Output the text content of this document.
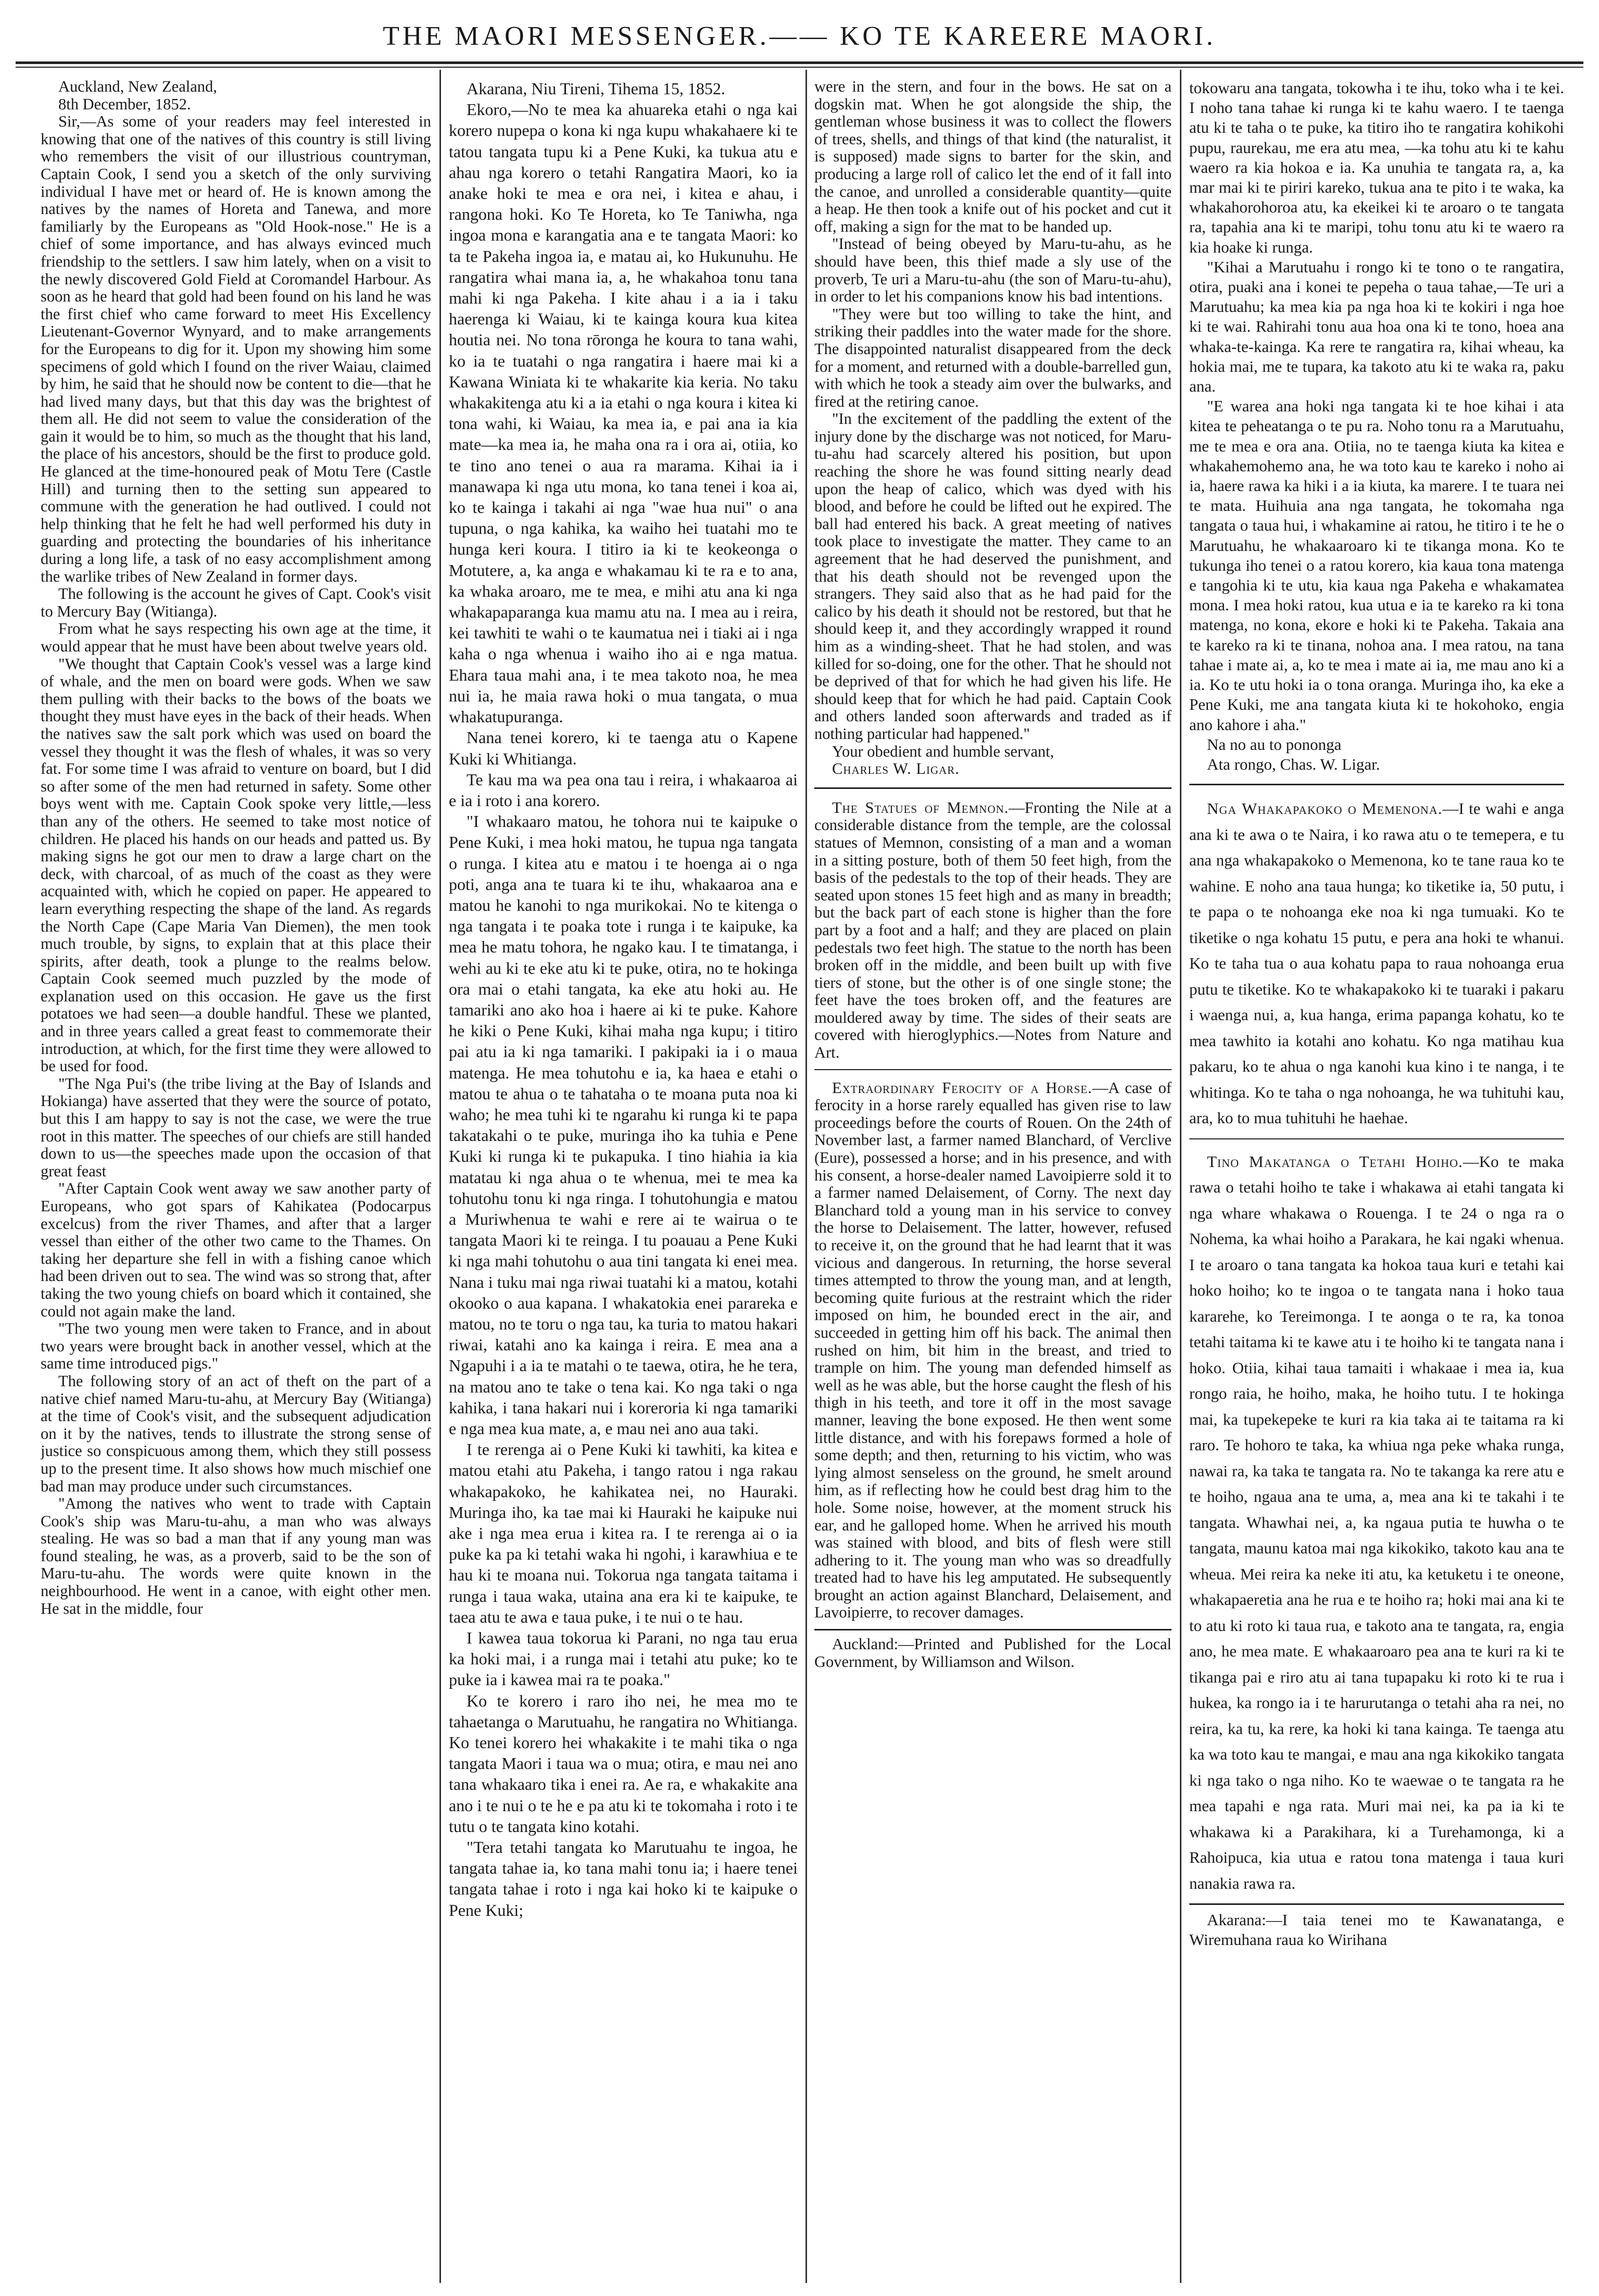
THE MAORI MESSENGER.—— KO TE KAREERE MAORI.

Auckland, New Zealand,

8th December, 1852.

Sir,—As some of your readers may feel interested in knowing that one of the natives of this country is still living who remembers the visit of our illustrious countryman, Captain Cook, I send you a sketch of the only surviving individual I have met or heard of. He is known among the natives by the names of Horeta and Tanewa, and more familiarly by the Europeans as "Old Hook-nose." He is a chief of some importance, and has always evinced much friendship to the settlers. I saw him lately, when on a visit to the newly discovered Gold Field at Coromandel Harbour. As soon as he heard that gold had been found on his land he was the first chief who came forward to meet His Excellency Lieutenant-Governor Wynyard, and to make arrangements for the Europeans to dig for it. Upon my showing him some specimens of gold which I found on the river Waiau, claimed by him, he said that he should now be content to die—that he had lived many days, but that this day was the brightest of them all. He did not seem to value the consideration of the gain it would be to him, so much as the thought that his land, the place of his ancestors, should be the first to produce gold. He glanced at the time-honoured peak of Motu Tere (Castle Hill) and turning then to the setting sun appeared to commune with the generation he had outlived. I could not help thinking that he felt he had well performed his duty in guarding and protecting the boundaries of his inheritance during a long life, a task of no easy accomplishment among the warlike tribes of New Zealand in former days.

The following is the account he gives of Capt. Cook's visit to Mercury Bay (Witianga).

From what he says respecting his own age at the time, it would appear that he must have been about twelve years old.

"We thought that Captain Cook's vessel was a large kind of whale, and the men on board were gods. When we saw them pulling with their backs to the bows of the boats we thought they must have eyes in the back of their heads. When the natives saw the salt pork which was used on board the vessel they thought it was the flesh of whales, it was so very fat. For some time I was afraid to venture on board, but I did so after some of the men had returned in safety. Some other boys went with me. Captain Cook spoke very little,—less than any of the others. He seemed to take most notice of children. He placed his hands on our heads and patted us. By making signs he got our men to draw a large chart on the deck, with charcoal, of as much of the coast as they were acquainted with, which he copied on paper. He appeared to learn everything respecting the shape of the land. As regards the North Cape (Cape Maria Van Diemen), the men took much trouble, by signs, to explain that at this place their spirits, after death, took a plunge to the realms below. Captain Cook seemed much puzzled by the mode of explanation used on this occasion. He gave us the first potatoes we had seen—a double handful. These we planted, and in three years called a great feast to commemorate their introduction, at which, for the first time they were allowed to be used for food.

"The Nga Pui's (the tribe living at the Bay of Islands and Hokianga) have asserted that they were the source of potato, but this I am happy to say is not the case, we were the true root in this matter. The speeches of our chiefs are still handed down to us—the speeches made upon the occasion of that great feast

"After Captain Cook went away we saw another party of Europeans, who got spars of Kahikatea (Podocarpus excelcus) from the river Thames, and after that a larger vessel than either of the other two came to the Thames. On taking her departure she fell in with a fishing canoe which had been driven out to sea. The wind was so strong that, after taking the two young chiefs on board which it contained, she could not again make the land.

"The two young men were taken to France, and in about two years were brought back in another vessel, which at the same time introduced pigs."

The following story of an act of theft on the part of a native chief named Maru-tu-ahu, at Mercury Bay (Witianga) at the time of Cook's visit, and the subsequent adjudication on it by the natives, tends to illustrate the strong sense of justice so conspicuous among them, which they still possess up to the present time. It also shows how much mischief one bad man may produce under such circumstances.

"Among the natives who went to trade with Captain Cook's ship was Maru-tu-ahu, a man who was always stealing. He was so bad a man that if any young man was found stealing, he was, as a proverb, said to be the son of Maru-tu-ahu. The words were quite known in the neighbourhood. He went in a canoe, with eight other men. He sat in the middle, four

Akarana, Niu Tireni, Tihema 15, 1852.

Ekoro,—No te mea ka ahuareka etahi o nga kai korero nupepa o kona ki nga kupu whakahaere ki te tatou tangata tupu ki a Pene Kuki, ka tukua atu e ahau nga korero o tetahi Rangatira Maori, ko ia anake hoki te mea e ora nei, i kitea e ahau, i rangona hoki. Ko Te Horeta, ko Te Taniwha, nga ingoa mona e karangatia ana e te tangata Maori: ko ta te Pakeha ingoa ia, e matau ai, ko Hukunuhu. He rangatira whai mana ia, a, he whakahoa tonu tana mahi ki nga Pakeha. I kite ahau i a ia i taku haerenga ki Waiau, ki te kainga koura kua kitea houtia nei. No tona rōronga he koura to tana wahi, ko ia te tuatahi o nga rangatira i haere mai ki a Kawana Winiata ki te whakarite kia keria. No taku whakakitenga atu ki a ia etahi o nga koura i kitea ki tona wahi, ki Waiau, ka mea ia, e pai ana ia kia mate—ka mea ia, he maha ona ra i ora ai, otiia, ko te tino ano tenei o aua ra marama. Kihai ia i manawapa ki nga utu mona, ko tana tenei i koa ai, ko te kainga i takahi ai nga "wae hua nui" o ana tupuna, o nga kahika, ka waiho hei tuatahi mo te hunga keri koura. I titiro ia ki te keokeonga o Motutere, a, ka anga e whakamau ki te ra e to ana, ka whaka aroaro, me te mea, e mihi atu ana ki nga whakapaparanga kua mamu atu na. I mea au i reira, kei tawhiti te wahi o te kaumatua nei i tiaki ai i nga kaha o nga whenua i waiho iho ai e nga matua. Ehara taua mahi ana, i te mea takoto noa, he mea nui ia, he maia rawa hoki o mua tangata, o mua whakatupuranga.

Nana tenei korero, ki te taenga atu o Kapene Kuki ki Whitianga.

Te kau ma wa pea ona tau i reira, i whakaaroa ai e ia i roto i ana korero.

"I whakaaro matou, he tohora nui te kaipuke o Pene Kuki, i mea hoki matou, he tupua nga tangata o runga. I kitea atu e matou i te hoenga ai o nga poti, anga ana te tuara ki te ihu, whakaaroa ana e matou he kanohi to nga murikokai. No te kitenga o nga tangata i te poaka tote i runga i te kaipuke, ka mea he matu tohora, he ngako kau. I te timatanga, i wehi au ki te eke atu ki te puke, otira, no te hokinga ora mai o etahi tangata, ka eke atu hoki au. He tamariki ano ako hoa i haere ai ki te puke. Kahore he kiki o Pene Kuki, kihai maha nga kupu; i titiro pai atu ia ki nga tamariki. I pakipaki ia i o maua matenga. He mea tohutohu e ia, ka haea e etahi o matou te ahua o te tahataha o te moana puta noa ki waho; he mea tuhi ki te ngarahu ki runga ki te papa takatakahi o te puke, muringa iho ka tuhia e Pene Kuki ki runga ki te pukapuka. I tino hiahia ia kia matatau ki nga ahua o te whenua, mei te mea ka tohutohu tonu ki nga ringa. I tohutohungia e matou a Muriwhenua te wahi e rere ai te wairua o te tangata Maori ki te reinga. I tu poauau a Pene Kuki ki nga mahi tohutohu o aua tini tangata ki enei mea. Nana i tuku mai nga riwai tuatahi ki a matou, kotahi okooko o aua kapana. I whakatokia enei parareka e matou, no te toru o nga tau, ka turia to matou hakari riwai, katahi ano ka kainga i reira. E mea ana a Ngapuhi i a ia te matahi o te taewa, otira, he he tera, na matou ano te take o tena kai. Ko nga taki o nga kahika, i tana hakari nui i koreroria ki nga tamariki e nga mea kua mate, a, e mau nei ano aua taki.

I te rerenga ai o Pene Kuki ki tawhiti, ka kitea e matou etahi atu Pakeha, i tango ratou i nga rakau whakapakoko, he kahikatea nei, no Hauraki. Muringa iho, ka tae mai ki Hauraki he kaipuke nui ake i nga mea erua i kitea ra. I te rerenga ai o ia puke ka pa ki tetahi waka hi ngohi, i karawhiua e te hau ki te moana nui. Tokorua nga tangata taitama i runga i taua waka, utaina ana era ki te kaipuke, te taea atu te awa e taua puke, i te nui o te hau.

I kawea taua tokorua ki Parani, no nga tau erua ka hoki mai, i a runga mai i tetahi atu puke; ko te puke ia i kawea mai ra te poaka."

Ko te korero i raro iho nei, he mea mo te tahaetanga o Marutuahu, he rangatira no Whitianga. Ko tenei korero hei whakakite i te mahi tika o nga tangata Maori i taua wa o mua; otira, e mau nei ano tana whakaaro tika i enei ra. Ae ra, e whakakite ana ano i te nui o te he e pa atu ki te tokomaha i roto i te tutu o te tangata kino kotahi.

"Tera tetahi tangata ko Marutuahu te ingoa, he tangata tahae ia, ko tana mahi tonu ia; i haere tenei tangata tahae i roto i nga kai hoko ki te kaipuke o Pene Kuki;

were in the stern, and four in the bows. He sat on a dogskin mat. When he got alongside the ship, the gentleman whose business it was to collect the flowers of trees, shells, and things of that kind (the naturalist, it is supposed) made signs to barter for the skin, and producing a large roll of calico let the end of it fall into the canoe, and unrolled a considerable quantity—quite a heap. He then took a knife out of his pocket and cut it off, making a sign for the mat to be handed up.

"Instead of being obeyed by Maru-tu-ahu, as he should have been, this thief made a sly use of the proverb, Te uri a Maru-tu-ahu (the son of Maru-tu-ahu), in order to let his companions know his bad intentions.

"They were but too willing to take the hint, and striking their paddles into the water made for the shore. The disappointed naturalist disappeared from the deck for a moment, and returned with a double-barrelled gun, with which he took a steady aim over the bulwarks, and fired at the retiring canoe.

"In the excitement of the paddling the extent of the injury done by the discharge was not noticed, for Maru-tu-ahu had scarcely altered his position, but upon reaching the shore he was found sitting nearly dead upon the heap of calico, which was dyed with his blood, and before he could be lifted out he expired. The ball had entered his back. A great meeting of natives took place to investigate the matter. They came to an agreement that he had deserved the punishment, and that his death should not be revenged upon the strangers. They said also that as he had paid for the calico by his death it should not be restored, but that he should keep it, and they accordingly wrapped it round him as a winding-sheet. That he had stolen, and was killed for so-doing, one for the other. That he should not be deprived of that for which he had given his life. He should keep that for which he had paid. Captain Cook and others landed soon afterwards and traded as if nothing particular had happened."

Your obedient and humble servant,

Charles W. Ligar.

The Statues of Memnon.—Fronting the Nile at a considerable distance from the temple, are the colossal statues of Memnon, consisting of a man and a woman in a sitting posture, both of them 50 feet high, from the basis of the pedestals to the top of their heads. They are seated upon stones 15 feet high and as many in breadth; but the back part of each stone is higher than the fore part by a foot and a half; and they are placed on plain pedestals two feet high. The statue to the north has been broken off in the middle, and been built up with five tiers of stone, but the other is of one single stone; the feet have the toes broken off, and the features are mouldered away by time. The sides of their seats are covered with hieroglyphics.—Notes from Nature and Art.

Extraordinary Ferocity of a Horse.—A case of ferocity in a horse rarely equalled has given rise to law proceedings before the courts of Rouen. On the 24th of November last, a farmer named Blanchard, of Verclive (Eure), possessed a horse; and in his presence, and with his consent, a horse-dealer named Lavoipierre sold it to a farmer named Delaisement, of Corny. The next day Blanchard told a young man in his service to convey the horse to Delaisement. The latter, however, refused to receive it, on the ground that he had learnt that it was vicious and dangerous. In returning, the horse several times attempted to throw the young man, and at length, becoming quite furious at the restraint which the rider imposed on him, he bounded erect in the air, and succeeded in getting him off his back. The animal then rushed on him, bit him in the breast, and tried to trample on him. The young man defended himself as well as he was able, but the horse caught the flesh of his thigh in his teeth, and tore it off in the most savage manner, leaving the bone exposed. He then went some little distance, and with his forepaws formed a hole of some depth; and then, returning to his victim, who was lying almost senseless on the ground, he smelt around him, as if reflecting how he could best drag him to the hole. Some noise, however, at the moment struck his ear, and he galloped home. When he arrived his mouth was stained with blood, and bits of flesh were still adhering to it. The young man who was so dreadfully treated had to have his leg amputated. He subsequently brought an action against Blanchard, Delaisement, and Lavoipierre, to recover damages.

Auckland:—Printed and Published for the Local Government, by Williamson and Wilson.

tokowaru ana tangata, tokowha i te ihu, toko wha i te kei. I noho tana tahae ki runga ki te kahu waero. I te taenga atu ki te taha o te puke, ka titiro iho te rangatira kohikohi pupu, raurekau, me era atu mea, —ka tohu atu ki te kahu waero ra kia hokoa e ia. Ka unuhia te tangata ra, a, ka mar mai ki te piriri kareko, tukua ana te pito i te waka, ka whakahorohoroa atu, ka ekeikei ki te aroaro o te tangata ra, tapahia ana ki te maripi, tohu tonu atu ki te waero ra kia hoake ki runga.

"Kihai a Marutuahu i rongo ki te tono o te rangatira, otira, puaki ana i konei te pepeha o taua tahae,—Te uri a Marutuahu; ka mea kia pa nga hoa ki te kokiri i nga hoe ki te wai. Rahirahi tonu aua hoa ona ki te tono, hoea ana whaka-te-kainga. Ka rere te rangatira ra, kihai wheau, ka hokia mai, me te tupara, ka takoto atu ki te waka ra, paku ana.

"E warea ana hoki nga tangata ki te hoe kihai i ata kitea te peheatanga o te pu ra. Noho tonu ra a Marutuahu, me te mea e ora ana. Otiia, no te taenga kiuta ka kitea e whakahemohemo ana, he wa toto kau te kareko i noho ai ia, haere rawa ka hiki i a ia kiuta, ka marere. I te tuara nei te mata. Huihuia ana nga tangata, he tokomaha nga tangata o taua hui, i whakamine ai ratou, he titiro i te he o Marutuahu, he whakaaroaro ki te tikanga mona. Ko te tukunga iho tenei o a ratou korero, kia kaua tona matenga e tangohia ki te utu, kia kaua nga Pakeha e whakamatea mona. I mea hoki ratou, kua utua e ia te kareko ra ki tona matenga, no kona, ekore e hoki ki te Pakeha. Takaia ana te kareko ra ki te tinana, nohoa ana. I mea ratou, na tana tahae i mate ai, a, ko te mea i mate ai ia, me mau ano ki a ia. Ko te utu hoki ia o tona oranga. Muringa iho, ka eke a Pene Kuki, me ana tangata kiuta ki te hokohoko, engia ano kahore i aha."

Na no au to pononga

Ata rongo, Chas. W. Ligar.

Nga Whakapakoko o Memenona.—I te wahi e anga ana ki te awa o te Naira, i ko rawa atu o te temepera, e tu ana nga whakapakoko o Memenona, ko te tane raua ko te wahine. E noho ana taua hunga; ko tiketike ia, 50 putu, i te papa o te nohoanga eke noa ki nga tumuaki. Ko te tiketike o nga kohatu 15 putu, e pera ana hoki te whanui. Ko te taha tua o aua kohatu papa to raua nohoanga erua putu te tiketike. Ko te whakapakoko ki te tuaraki i pakaru i waenga nui, a, kua hanga, erima papanga kohatu, ko te mea tawhito ia kotahi ano kohatu. Ko nga matihau kua pakaru, ko te ahua o nga kanohi kua kino i te nanga, i te whitinga. Ko te taha o nga nohoanga, he wa tuhituhi kau, ara, ko to mua tuhituhi he haehae.

Tino Makatanga o Tetahi Hoiho.—Ko te maka rawa o tetahi hoiho te take i whakawa ai etahi tangata ki nga whare whakawa o Rouenga. I te 24 o nga ra o Nohema, ka whai hoiho a Parakara, he kai ngaki whenua. I te aroaro o tana tangata ka hokoa taua kuri e tetahi kai hoko hoiho; ko te ingoa o te tangata nana i hoko taua kararehe, ko Tereimonga. I te aonga o te ra, ka tonoa tetahi taitama ki te kawe atu i te hoiho ki te tangata nana i hoko. Otiia, kihai taua tamaiti i whakaae i mea ia, kua rongo raia, he hoiho, maka, he hoiho tutu. I te hokinga mai, ka tupekepeke te kuri ra kia taka ai te taitama ra ki raro. Te hohoro te taka, ka whiua nga peke whaka runga, nawai ra, ka taka te tangata ra. No te takanga ka rere atu e te hoiho, ngaua ana te uma, a, mea ana ki te takahi i te tangata. Whawhai nei, a, ka ngaua putia te huwha o te tangata, maunu katoa mai nga kikokiko, takoto kau ana te wheua. Mei reira ka neke iti atu, ka ketuketu i te oneone, whakapaeretia ana he rua e te hoiho ra; hoki mai ana ki te to atu ki roto ki taua rua, e takoto ana te tangata, ra, engia ano, he mea mate. E whakaaroaro pea ana te kuri ra ki te tikanga pai e riro atu ai tana tupapaku ki roto ki te rua i hukea, ka rongo ia i te harurutanga o tetahi aha ra nei, no reira, ka tu, ka rere, ka hoki ki tana kainga. Te taenga atu ka wa toto kau te mangai, e mau ana nga kikokiko tangata ki nga tako o nga niho. Ko te waewae o te tangata ra he mea tapahi e nga rata. Muri mai nei, ka pa ia ki te whakawa ki a Parakihara, ki a Turehamonga, ki a Rahoipuca, kia utua e ratou tona matenga i taua kuri nanakia rawa ra.

Akarana:—I taia tenei mo te Kawanatanga, e Wiremuhana raua ko Wirihana
